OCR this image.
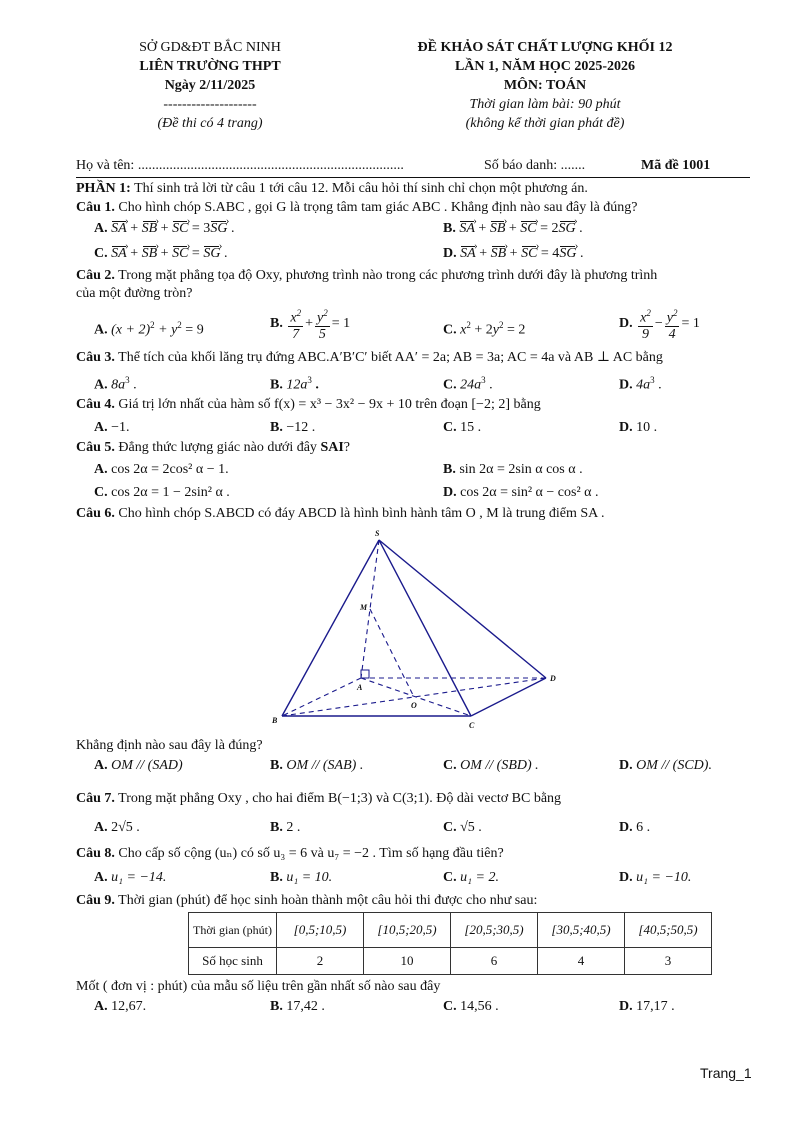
SỞ GD&ĐT BẮC NINH
LIÊN TRƯỜNG THPT
Ngày 2/11/2025
--------------------
(Đề thi có 4 trang)
ĐỀ KHẢO SÁT CHẤT LƯỢNG KHỐI 12
LẦN 1, NĂM HỌC 2025-2026
MÔN: TOÁN
Thời gian làm bài: 90 phút
(không kể thời gian phát đề)
Họ và tên: ............................................................................	Số báo danh: .......	Mã đề 1001
PHẦN 1: Thí sinh trả lời từ câu 1 tới câu 12. Mỗi câu hỏi thí sinh chỉ chọn một phương án.
Câu 1. Cho hình chóp S.ABC , gọi G là trọng tâm tam giác ABC . Khẳng định nào sau đây là đúng?
A. SA › + SB › + SC › = 3SG › .	B. SA › + SB › + SC › = 2SG › .
C. SA › + SB › + SC › = SG › .	D. SA › + SB › + SC › = 4SG › .
Câu 2. Trong mặt phẳng tọa độ Oxy, phương trình nào trong các phương trình dưới đây là phương trình
của một đường tròn?
A. $(x + 2)^2 + y^2 = 9$	B. $\frac{x^2}{7} + \frac{y^2}{5} = 1$	C. $x^2 + 2y^2 = 2$	D. $\frac{x^2}{9} - \frac{y^2}{4} = 1$
Câu 3. Thể tích của khối lăng trụ đứng ABC.A′B′C′ biết AA′ = 2a; AB = 3a; AC = 4a và AB ⊥ AC bằng
A. $8a^3$ .	B. $12a^3$ .	C. $24a^3$ .	D. $4a^3$ .
Câu 4. Giá trị lớn nhất của hàm số f(x) = x³ − 3x² − 9x + 10 trên đoạn [−2; 2] bằng
A. −1.	B. −12 .	C. 15 .	D. 10 .
Câu 5. Đẳng thức lượng giác nào dưới đây SAI?
A. cos 2α = 2cos² α − 1.	B. sin 2α = 2sin α cos α .
C. cos 2α = 1 − 2sin² α .	D. cos 2α = sin² α − cos² α .
Câu 6. Cho hình chóp S.ABCD có đáy ABCD là hình bình hành tâm O , M là trung điểm SA .
S
M
A
B
C
D
O
Khẳng định nào sau đây là đúng?
A. OM // (SAD)	B. OM // (SAB) .	C. OM // (SBD) .	D. OM // (SCD).
Câu 7. Trong mặt phẳng Oxy , cho hai điểm B(−1;3) và C(3;1). Độ dài vectơ BC bằng
A. 2√5 .	B. 2 .	C. √5 .	D. 6 .
Câu 8. Cho cấp số cộng (uₙ) có số u₃ = 6 và u₇ = −2 . Tìm số hạng đầu tiên?
A. u₁ = −14.	B. u₁ = 10.	C. u₁ = 2.	D. u₁ = −10.
Câu 9. Thời gian (phút) để học sinh hoàn thành một câu hỏi thi được cho như sau:
Thời gian (phút)	[0,5;10,5)	[10,5;20,5)	[20,5;30,5)	[30,5;40,5)	[40,5;50,5)
Số học sinh	2	10	6	4	3
Mốt ( đơn vị : phút) của mẫu số liệu trên gần nhất số nào sau đây
A. 12,67.	B. 17,42 .	C. 14,56 .	D. 17,17 .
Trang_1
